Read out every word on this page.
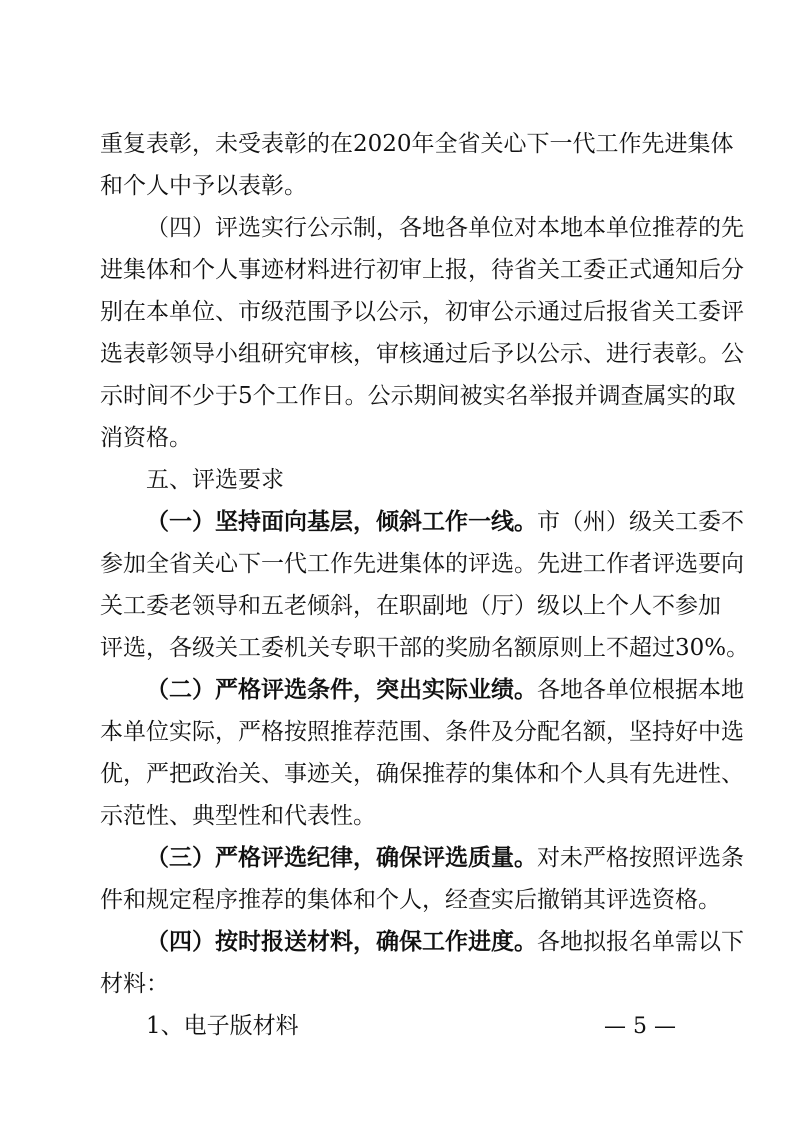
重复表彰，未受表彰的在2020年全省关心下一代工作先进集体
和个人中予以表彰。
（四）评选实行公示制，各地各单位对本地本单位推荐的先
进集体和个人事迹材料进行初审上报，待省关工委正式通知后分
别在本单位、市级范围予以公示，初审公示通过后报省关工委评
选表彰领导小组研究审核，审核通过后予以公示、进行表彰。公
示时间不少于5个工作日。公示期间被实名举报并调查属实的取
消资格。
五、评选要求
（一）坚持面向基层，倾斜工作一线。市（州）级关工委不
参加全省关心下一代工作先进集体的评选。先进工作者评选要向
关工委老领导和五老倾斜，在职副地（厅）级以上个人不参加
评选，各级关工委机关专职干部的奖励名额原则上不超过30%。
（二）严格评选条件，突出实际业绩。各地各单位根据本地
本单位实际，严格按照推荐范围、条件及分配名额，坚持好中选
优，严把政治关、事迹关，确保推荐的集体和个人具有先进性、
示范性、典型性和代表性。
（三）严格评选纪律，确保评选质量。对未严格按照评选条
件和规定程序推荐的集体和个人，经查实后撤销其评选资格。
（四）按时报送材料，确保工作进度。各地拟报名单需以下
材料：
1、电子版材料	— 5 —
